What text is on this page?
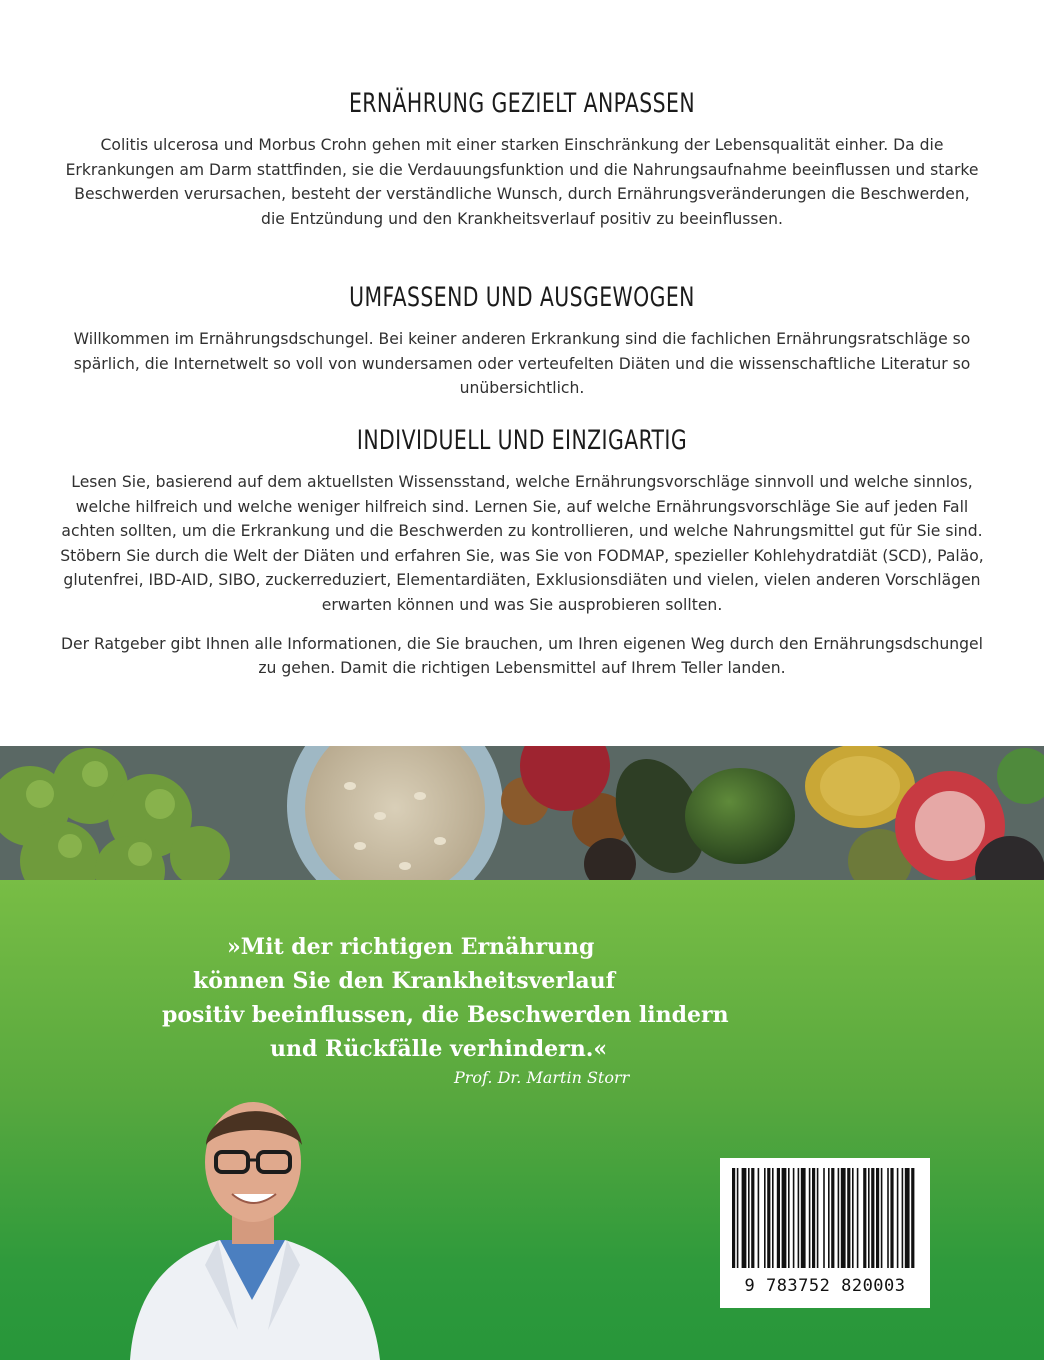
ERNÄHRUNG GEZIELT ANPASSEN

Colitis ulcerosa und Morbus Crohn gehen mit einer starken Einschränkung der Lebensqualität einher. Da die Erkrankungen am Darm stattfinden, sie die Verdauungsfunktion und die Nahrungsaufnahme beeinflussen und starke Beschwerden verursachen, besteht der verständliche Wunsch, durch Ernährungsveränderungen die Beschwerden, die Entzündung und den Krankheitsverlauf positiv zu beeinflussen.

UMFASSEND UND AUSGEWOGEN

Willkommen im Ernährungsdschungel. Bei keiner anderen Erkrankung sind die fachlichen Ernährungsratschläge so spärlich, die Internetwelt so voll von wundersamen oder verteufelten Diäten und die wissenschaftliche Literatur so unübersichtlich.

INDIVIDUELL UND EINZIGARTIG

Lesen Sie, basierend auf dem aktuellsten Wissensstand, welche Ernährungsvorschläge sinnvoll und welche sinnlos, welche hilfreich und welche weniger hilfreich sind. Lernen Sie, auf welche Ernährungsvorschläge Sie auf jeden Fall achten sollten, um die Erkrankung und die Beschwerden zu kontrollieren, und welche Nahrungsmittel gut für Sie sind. Stöbern Sie durch die Welt der Diäten und erfahren Sie, was Sie von FODMAP, spezieller Kohlehydratdiät (SCD), Paläo, glutenfrei, IBD-AID, SIBO, zuckerreduziert, Elementardiäten, Exklusionsdiäten und vielen, vielen anderen Vorschlägen erwarten können und was Sie ausprobieren sollten.

Der Ratgeber gibt Ihnen alle Informationen, die Sie brauchen, um Ihren eigenen Weg durch den Ernährungsdschungel zu gehen. Damit die richtigen Lebensmittel auf Ihrem Teller landen.

»Mit der richtigen Ernährung
können Sie den Krankheitsverlauf
positiv beeinflussen, die Beschwerden lindern
und Rückfälle verhindern.«
Prof. Dr. Martin Storr
9 783752 820003
